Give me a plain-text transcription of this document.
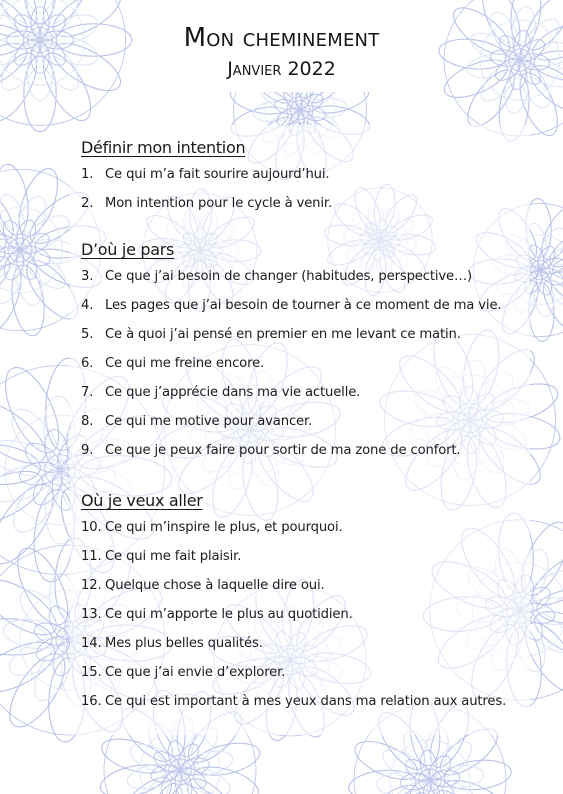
Mon cheminement
Janvier 2022
Définir mon intention
1. Ce qui m’a fait sourire aujourd’hui.
2. Mon intention pour le cycle à venir.
D’où je pars
3. Ce que j’ai besoin de changer (habitudes, perspective…)
4. Les pages que j’ai besoin de tourner à ce moment de ma vie.
5. Ce à quoi j’ai pensé en premier en me levant ce matin.
6. Ce qui me freine encore.
7. Ce que j’apprécie dans ma vie actuelle.
8. Ce qui me motive pour avancer.
9. Ce que je peux faire pour sortir de ma zone de confort.
Où je veux aller
10. Ce qui m’inspire le plus, et pourquoi.
11. Ce qui me fait plaisir.
12. Quelque chose à laquelle dire oui.
13. Ce qui m’apporte le plus au quotidien.
14. Mes plus belles qualités.
15. Ce que j’ai envie d’explorer.
16. Ce qui est important à mes yeux dans ma relation aux autres.
